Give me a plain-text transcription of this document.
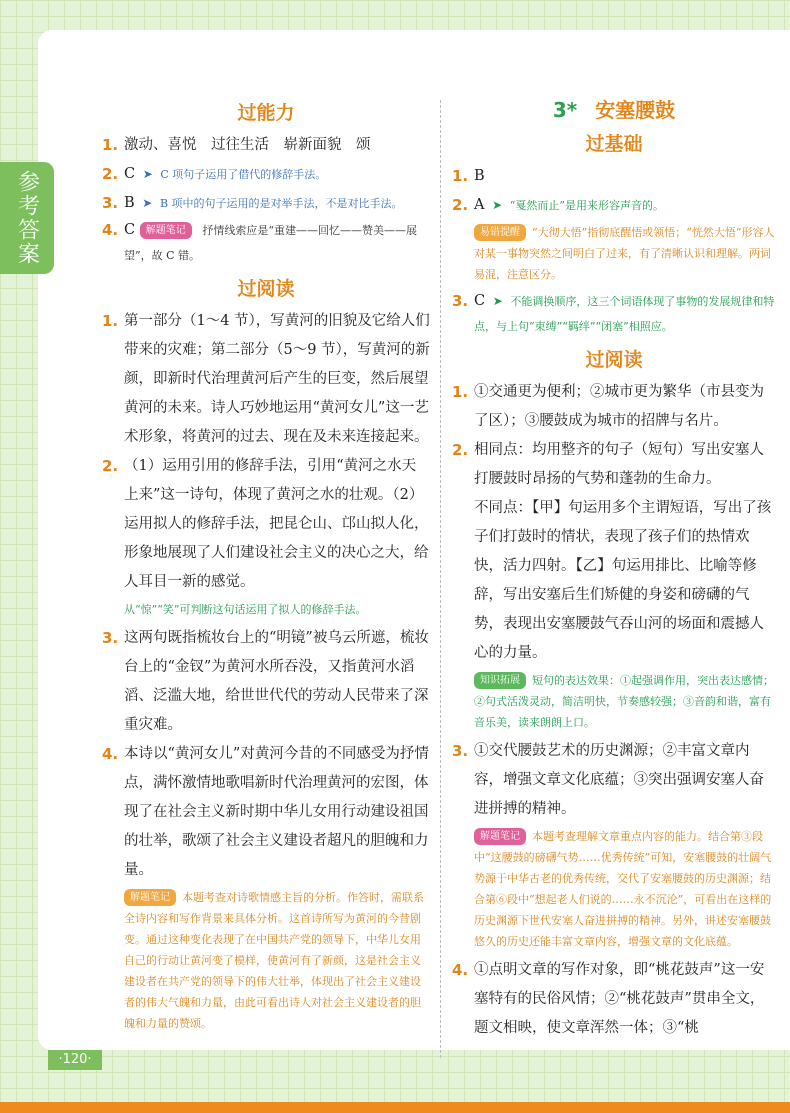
过能力
1. 激动、喜悦　过往生活　崭新面貌　颂
2. C ➤ C 项句子运用了借代的修辞手法。
3. B ➤ B 项中的句子运用的是对举手法，不是对比手法。
4. C 解题笔记 抒情线索应是“重建——回忆——赞美——展望”，故 C 错。
过阅读
1. 第一部分（1～4 节），写黄河的旧貌及它给人们带来的灾难；第二部分（5～9 节），写黄河的新颜，即新时代治理黄河后产生的巨变，然后展望黄河的未来。诗人巧妙地运用“黄河女儿”这一艺术形象，将黄河的过去、现在及未来连接起来。
2. （1）运用引用的修辞手法，引用“黄河之水天上来”这一诗句，体现了黄河之水的壮观。（2）运用拟人的修辞手法，把昆仑山、邙山拟人化，形象地展现了人们建设社会主义的决心之大，给人耳目一新的感觉。
从“惊”“笑”可判断这句话运用了拟人的修辞手法。
3. 这两句既指梳妆台上的“明镜”被乌云所遮，梳妆台上的“金钗”为黄河水所吞没，又指黄河水滔滔、泛滥大地，给世世代代的劳动人民带来了深重灾难。
4. 本诗以“黄河女儿”对黄河今昔的不同感受为抒情点，满怀激情地歌唱新时代治理黄河的宏图，体现了在社会主义新时期中华儿女用行动建设祖国的壮举，歌颂了社会主义建设者超凡的胆魄和力量。
解题笔记 本题考查对诗歌情感主旨的分析。作答时，需联系全诗内容和写作背景来具体分析。这首诗所写为黄河的今昔剧变。通过这种变化表现了在中国共产党的领导下，中华儿女用自己的行动让黄河变了模样，使黄河有了新颜，这是社会主义建设者在共产党的领导下的伟大壮举，体现出了社会主义建设者的伟大气魄和力量，由此可看出诗人对社会主义建设者的胆魄和力量的赞颂。
3* 安塞腰鼓
过基础
1. B
2. A ➤ “戛然而止”是用来形容声音的。
易错提醒 “大彻大悟”指彻底醒悟或领悟；“恍然大悟”形容人对某一事物突然之间明白了过来，有了清晰认识和理解。两词易混，注意区分。
3. C ➤ 不能调换顺序，这三个词语体现了事物的发展规律和特点，与上句“束缚”“羁绊”“闭塞”相照应。
过阅读
1. ①交通更为便利；②城市更为繁华（市县变为了区）；③腰鼓成为城市的招牌与名片。
2. 相同点：均用整齐的句子（短句）写出安塞人打腰鼓时昂扬的气势和蓬勃的生命力。
不同点：【甲】句运用多个主谓短语，写出了孩子们打鼓时的情状，表现了孩子们的热情欢快，活力四射。【乙】句运用排比、比喻等修辞，写出安塞后生们矫健的身姿和磅礴的气势，表现出安塞腰鼓气吞山河的场面和震撼人心的力量。
知识拓展 短句的表达效果：①起强调作用，突出表达感情；②句式活泼灵动，简洁明快，节奏感较强；③音韵和谐，富有音乐美，读来朗朗上口。
3. ①交代腰鼓艺术的历史渊源；②丰富文章内容，增强文章文化底蕴；③突出强调安塞人奋进拼搏的精神。
解题笔记 本题考查理解文章重点内容的能力。结合第③段中“这腰鼓的磅礴气势……优秀传统”可知，安塞腰鼓的壮阔气势源于中华古老的优秀传统，交代了安塞腰鼓的历史渊源；结合第⑥段中“想起老人们说的……永不沉沦”，可看出在这样的历史渊源下世代安塞人奋进拼搏的精神。另外，讲述安塞腰鼓悠久的历史还能丰富文章内容，增强文章的文化底蕴。
4. ①点明文章的写作对象，即“桃花鼓声”这一安塞特有的民俗风情；②“桃花鼓声”贯串全文，题文相映，使文章浑然一体；③“桃
参考答案
·120·
